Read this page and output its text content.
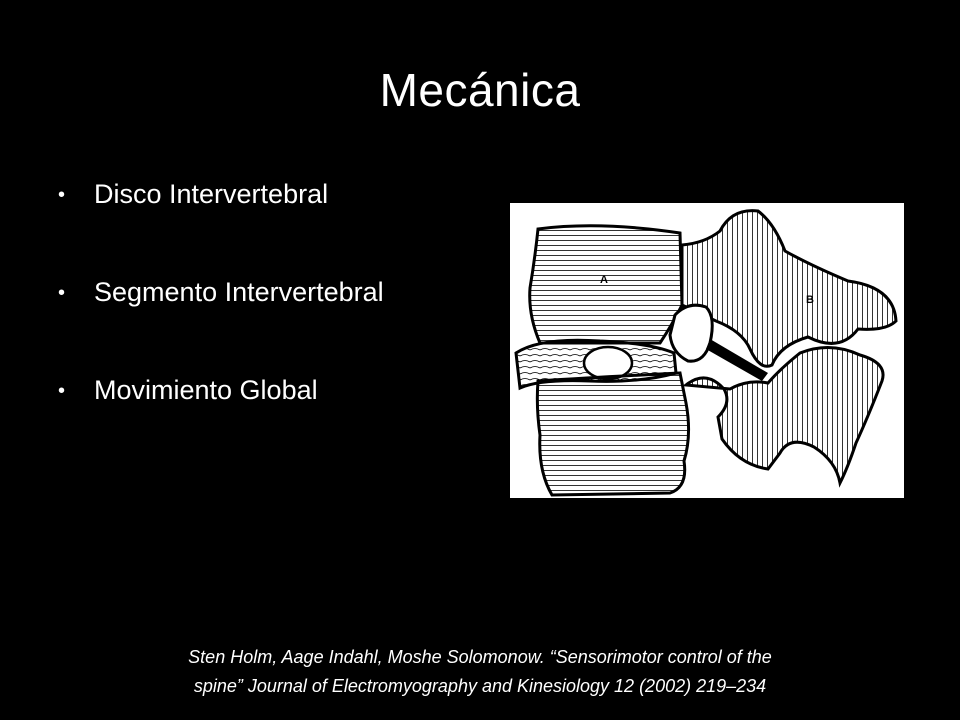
Mecánica
• Disco Intervertebral
• Segmento Intervertebral
• Movimiento Global
A
B

Sten Holm, Aage Indahl, Moshe Solomonow. “Sensorimotor control of the
spine” Journal of Electromyography and Kinesiology 12 (2002) 219–234
